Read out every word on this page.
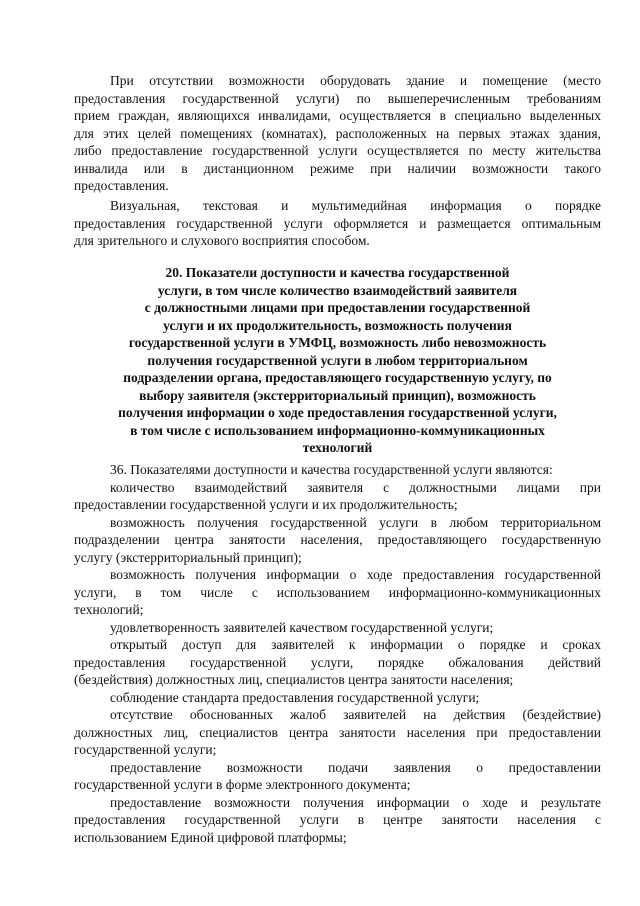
При отсутствии возможности оборудовать здание и помещение (место
предоставления государственной услуги) по вышеперечисленным требованиям
прием граждан, являющихся инвалидами, осуществляется в специально выделенных
для этих целей помещениях (комнатах), расположенных на первых этажах здания,
либо предоставление государственной услуги осуществляется по месту жительства
инвалида или в дистанционном режиме при наличии возможности такого
предоставления.
Визуальная, текстовая и мультимедийная информация о порядке
предоставления государственной услуги оформляется и размещается оптимальным
для зрительного и слухового восприятия способом.
20. Показатели доступности и качества государственной
услуги, в том числе количество взаимодействий заявителя
с должностными лицами при предоставлении государственной
услуги и их продолжительность, возможность получения
государственной услуги в УМФЦ, возможность либо невозможность
получения государственной услуги в любом территориальном
подразделении органа, предоставляющего государственную услугу, по
выбору заявителя (экстерриториальный принцип), возможность
получения информации о ходе предоставления государственной услуги,
в том числе с использованием информационно-коммуникационных
технологий
36. Показателями доступности и качества государственной услуги являются:
количество взаимодействий заявителя с должностными лицами при
предоставлении государственной услуги и их продолжительность;
возможность получения государственной услуги в любом территориальном
подразделении центра занятости населения, предоставляющего государственную
услугу (экстерриториальный принцип);
возможность получения информации о ходе предоставления государственной
услуги, в том числе с использованием информационно-коммуникационных
технологий;
удовлетворенность заявителей качеством государственной услуги;
открытый доступ для заявителей к информации о порядке и сроках
предоставления государственной услуги, порядке обжалования действий
(бездействия) должностных лиц, специалистов центра занятости населения;
соблюдение стандарта предоставления государственной услуги;
отсутствие обоснованных жалоб заявителей на действия (бездействие)
должностных лиц, специалистов центра занятости населения при предоставлении
государственной услуги;
предоставление возможности подачи заявления о предоставлении
государственной услуги в форме электронного документа;
предоставление возможности получения информации о ходе и результате
предоставления государственной услуги в центре занятости населения с
использованием Единой цифровой платформы;
